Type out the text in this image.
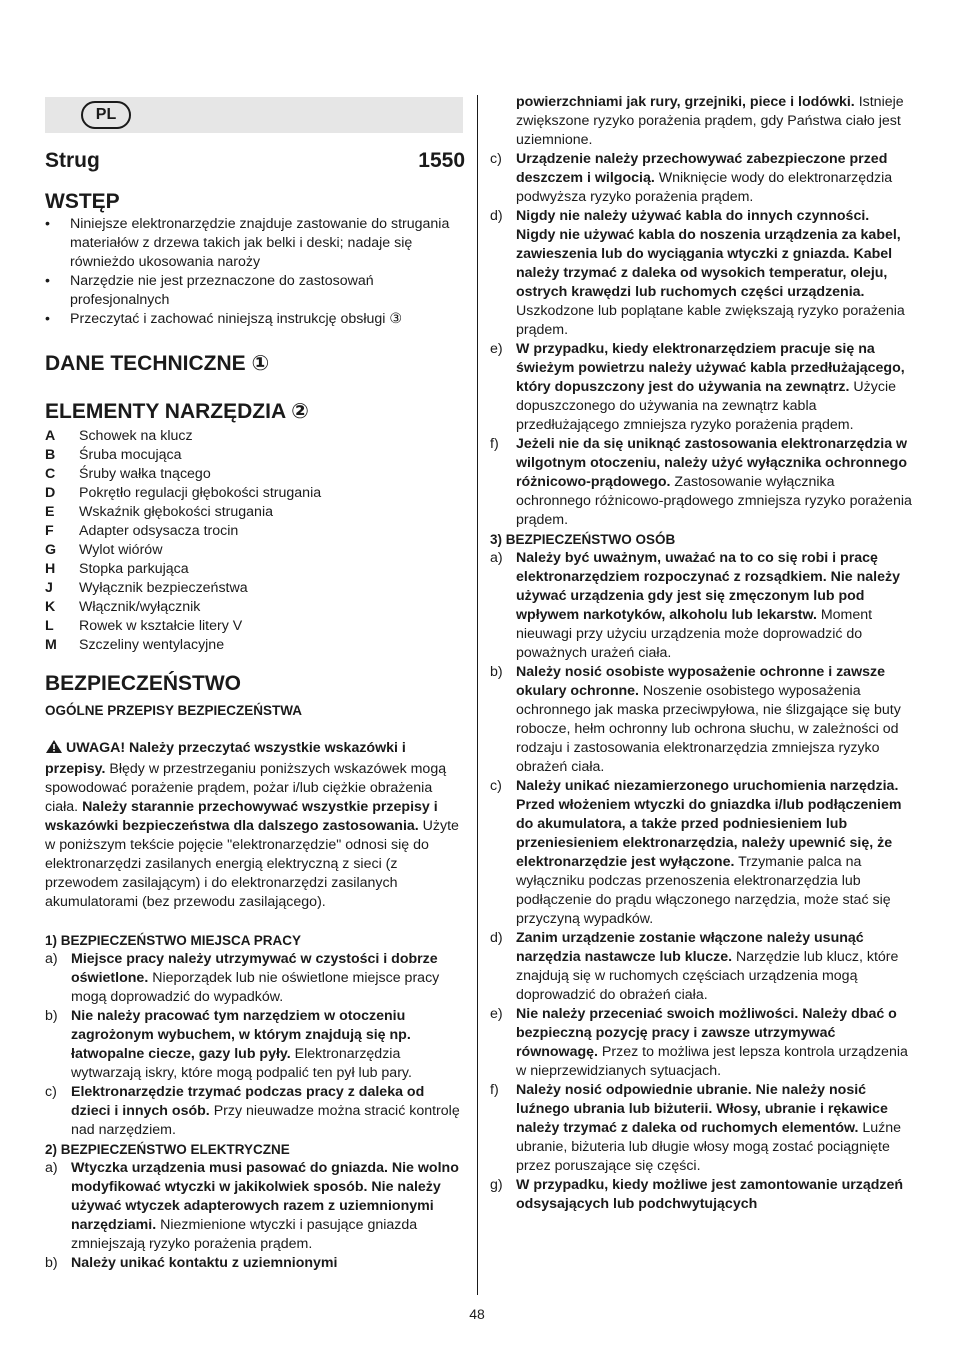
PL
Strug	1550
WSTĘP
•	Niniejsze elektronarzędzie znajduje zastowanie do strugania materiałów z drzewa takich jak belki i deski; nadaje się równieżdo ukosowania naroży
•	Narzędzie nie jest przeznaczone do zastosowań profesjonalnych
•	Przeczytać i zachować niniejszą instrukcję obsługi ③
DANE TECHNICZNE ①
ELEMENTY NARZĘDZIA ②
A	Schowek na klucz
B	Śruba mocująca
C	Śruby wałka tnącego
D	Pokrętło regulacji głębokości strugania
E	Wskaźnik głębokości strugania
F	Adapter odsysacza trocin
G	Wylot wiórów
H	Stopka parkująca
J	Wyłącznik bezpieczeństwa
K	Włącznik/wyłącznik
L	Rowek w kształcie litery V
M	Szczeliny wentylacyjne
BEZPIECZEŃSTWO
OGÓLNE PRZEPISY BEZPIECZEŃSTWA
UWAGA! Należy przeczytać wszystkie wskazówki i przepisy. Błędy w przestrzeganiu poniższych wskazówek mogą spowodować porażenie prądem, pożar i/lub ciężkie obrażenia ciała. Należy starannie przechowywać wszystkie przepisy i wskazówki bezpieczeństwa dla dalszego zastosowania. Użyte w poniższym tekście pojęcie "elektronarzędzie" odnosi się do elektronarzędzi zasilanych energią elektryczną z sieci (z przewodem zasilającym) i do elektronarzędzi zasilanych akumulatorami (bez przewodu zasilającego).
1) BEZPIECZEŃSTWO MIEJSCA PRACY
a) Miejsce pracy należy utrzymywać w czystości i dobrze oświetlone. Nieporządek lub nie oświetlone miejsce pracy mogą doprowadzić do wypadków.
b) Nie należy pracować tym narzędziem w otoczeniu zagrożonym wybuchem, w którym znajdują się np. łatwopalne ciecze, gazy lub pyły. Elektronarzędzia wytwarzają iskry, które mogą podpalić ten pył lub pary.
c) Elektronarzędzie trzymać podczas pracy z daleka od dzieci i innych osób. Przy nieuwadze można stracić kontrolę nad narzędziem.
2) BEZPIECZEŃSTWO ELEKTRYCZNE
a) Wtyczka urządzenia musi pasować do gniazda. Nie wolno modyfikować wtyczki w jakikolwiek sposób. Nie należy używać wtyczek adapterowych razem z uziemnionymi narzędziami. Niezmienione wtyczki i pasujące gniazda zmniejszają ryzyko porażenia prądem.
b) Należy unikać kontaktu z uziemnionymi
powierzchniami jak rury, grzejniki, piece i lodówki. Istnieje zwiększone ryzyko porażenia prądem, gdy Państwa ciało jest uziemnione.
c) Urządzenie należy przechowywać zabezpieczone przed deszczem i wilgocią. Wniknięcie wody do elektronarzędzia podwyższa ryzyko porażenia prądem.
d) Nigdy nie należy używać kabla do innych czynności. Nigdy nie używać kabla do noszenia urządzenia za kabel, zawieszenia lub do wyciągania wtyczki z gniazda. Kabel należy trzymać z daleka od wysokich temperatur, oleju, ostrych krawędzi lub ruchomych części urządzenia. Uszkodzone lub poplątane kable zwiększają ryzyko porażenia prądem.
e) W przypadku, kiedy elektronarzędziem pracuje się na świeżym powietrzu należy używać kabla przedłużającego, który dopuszczony jest do używania na zewnątrz. Użycie dopuszczonego do używania na zewnątrz kabla przedłużającego zmniejsza ryzyko porażenia prądem.
f)	Jeżeli nie da się uniknąć zastosowania elektronarzędzia w wilgotnym otoczeniu, należy użyć wyłącznika ochronnego różnicowo-prądowego. Zastosowanie wyłącznika ochronnego różnicowo-prądowego zmniejsza ryzyko porażenia prądem.
3) BEZPIECZEŃSTWO OSÓB
a) Należy być uważnym, uważać na to co się robi i pracę elektronarzędziem rozpoczynać z rozsądkiem. Nie należy używać urządzenia gdy jest się zmęczonym lub pod wpływem narkotyków, alkoholu lub lekarstw. Moment nieuwagi przy użyciu urządzenia może doprowadzić do poważnych urażeń ciała.
b) Należy nosić osobiste wyposażenie ochronne i zawsze okulary ochronne. Noszenie osobistego wyposażenia ochronnego jak maska przeciwpyłowa, nie ślizgające się buty robocze, hełm ochronny lub ochrona słuchu, w zależności od rodzaju i zastosowania elektronarzędzia zmniejsza ryzyko obrażeń ciała.
c) Należy unikać niezamierzonego uruchomienia narzędzia. Przed włożeniem wtyczki do gniazdka i/lub podłączeniem do akumulatora, a także przed podniesieniem lub przeniesieniem elektronarzędzia, należy upewnić się, że elektronarzędzie jest wyłączone. Trzymanie palca na wyłączniku podczas przenoszenia elektronarzędzia lub podłączenie do prądu włączonego narzędzia, może stać się przyczyną wypadków.
d) Zanim urządzenie zostanie włączone należy usunąć narzędzia nastawcze lub klucze. Narzędzie lub klucz, które znajdują się w ruchomych częściach urządzenia mogą doprowadzić do obrażeń ciała.
e) Nie należy przeceniać swoich możliwości. Należy dbać o bezpieczną pozycję pracy i zawsze utrzymywać równowagę. Przez to możliwa jest lepsza kontrola urządzenia w nieprzewidzianych sytuacjach.
f)	Należy nosić odpowiednie ubranie. Nie należy nosić luźnego ubrania lub biżuterii. Włosy, ubranie i rękawice należy trzymać z daleka od ruchomych elementów. Luźne ubranie, biżuteria lub długie włosy mogą zostać pociągnięte przez poruszające się części.
g) W przypadku, kiedy możliwe jest zamontowanie urządzeń odsysających lub podchwytujących
48
